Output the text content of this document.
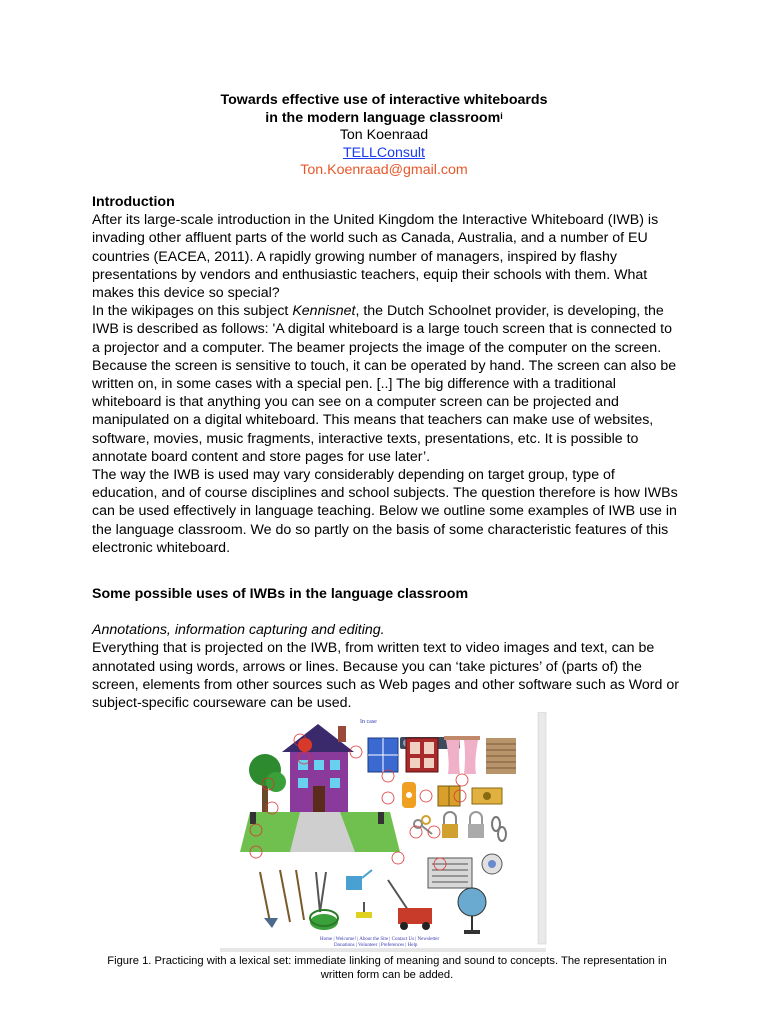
Towards effective use of interactive whiteboards
in the modern language classroom$^i$
Ton Koenraad
TELLConsult
Ton.Koenraad@gmail.com

Introduction

After its large-scale introduction in the United Kingdom the Interactive Whiteboard (IWB) is invading other affluent parts of the world such as Canada, Australia, and a number of EU countries (EACEA, 2011). A rapidly growing number of managers, inspired by flashy presentations by vendors and enthusiastic teachers, equip their schools with them. What makes this device so special?

In the wikipages on this subject Kennisnet, the Dutch Schoolnet provider, is developing, the IWB is described as follows: 'A digital whiteboard is a large touch screen that is connected to a projector and a computer. The beamer projects the image of the computer on the screen. Because the screen is sensitive to touch, it can be operated by hand. The screen can also be written on, in some cases with a special pen. [..] The big difference with a traditional whiteboard is that anything you can see on a computer screen can be projected and manipulated on a digital whiteboard. This means that teachers can make use of websites, software, movies, music fragments, interactive texts, presentations, etc. It is possible to annotate board content and store pages for use later’.

The way the IWB is used may vary considerably depending on target group, type of education, and of course disciplines and school subjects. The question therefore is how IWBs can be used effectively in language teaching. Below we outline some examples of IWB use in the language classroom. We do so partly on the basis of some characteristic features of this electronic whiteboard.

Some possible uses of IWBs in the language classroom

Annotations, information capturing and editing.

Everything that is projected on the IWB, from written text to video images and text, can be annotated using words, arrows or lines. Because you can ‘take pictures’ of (parts of) the screen, elements from other sources such as Web pages and other software such as Word or subject-specific courseware can be used.

In case
Home | Welcome! | About the Site | Contact Us | Newsletter
Donations | Volunteer | Preferences | Help
Figure 1. Practicing with a lexical set: immediate linking of meaning and sound to concepts. The representation in written form can be added.
